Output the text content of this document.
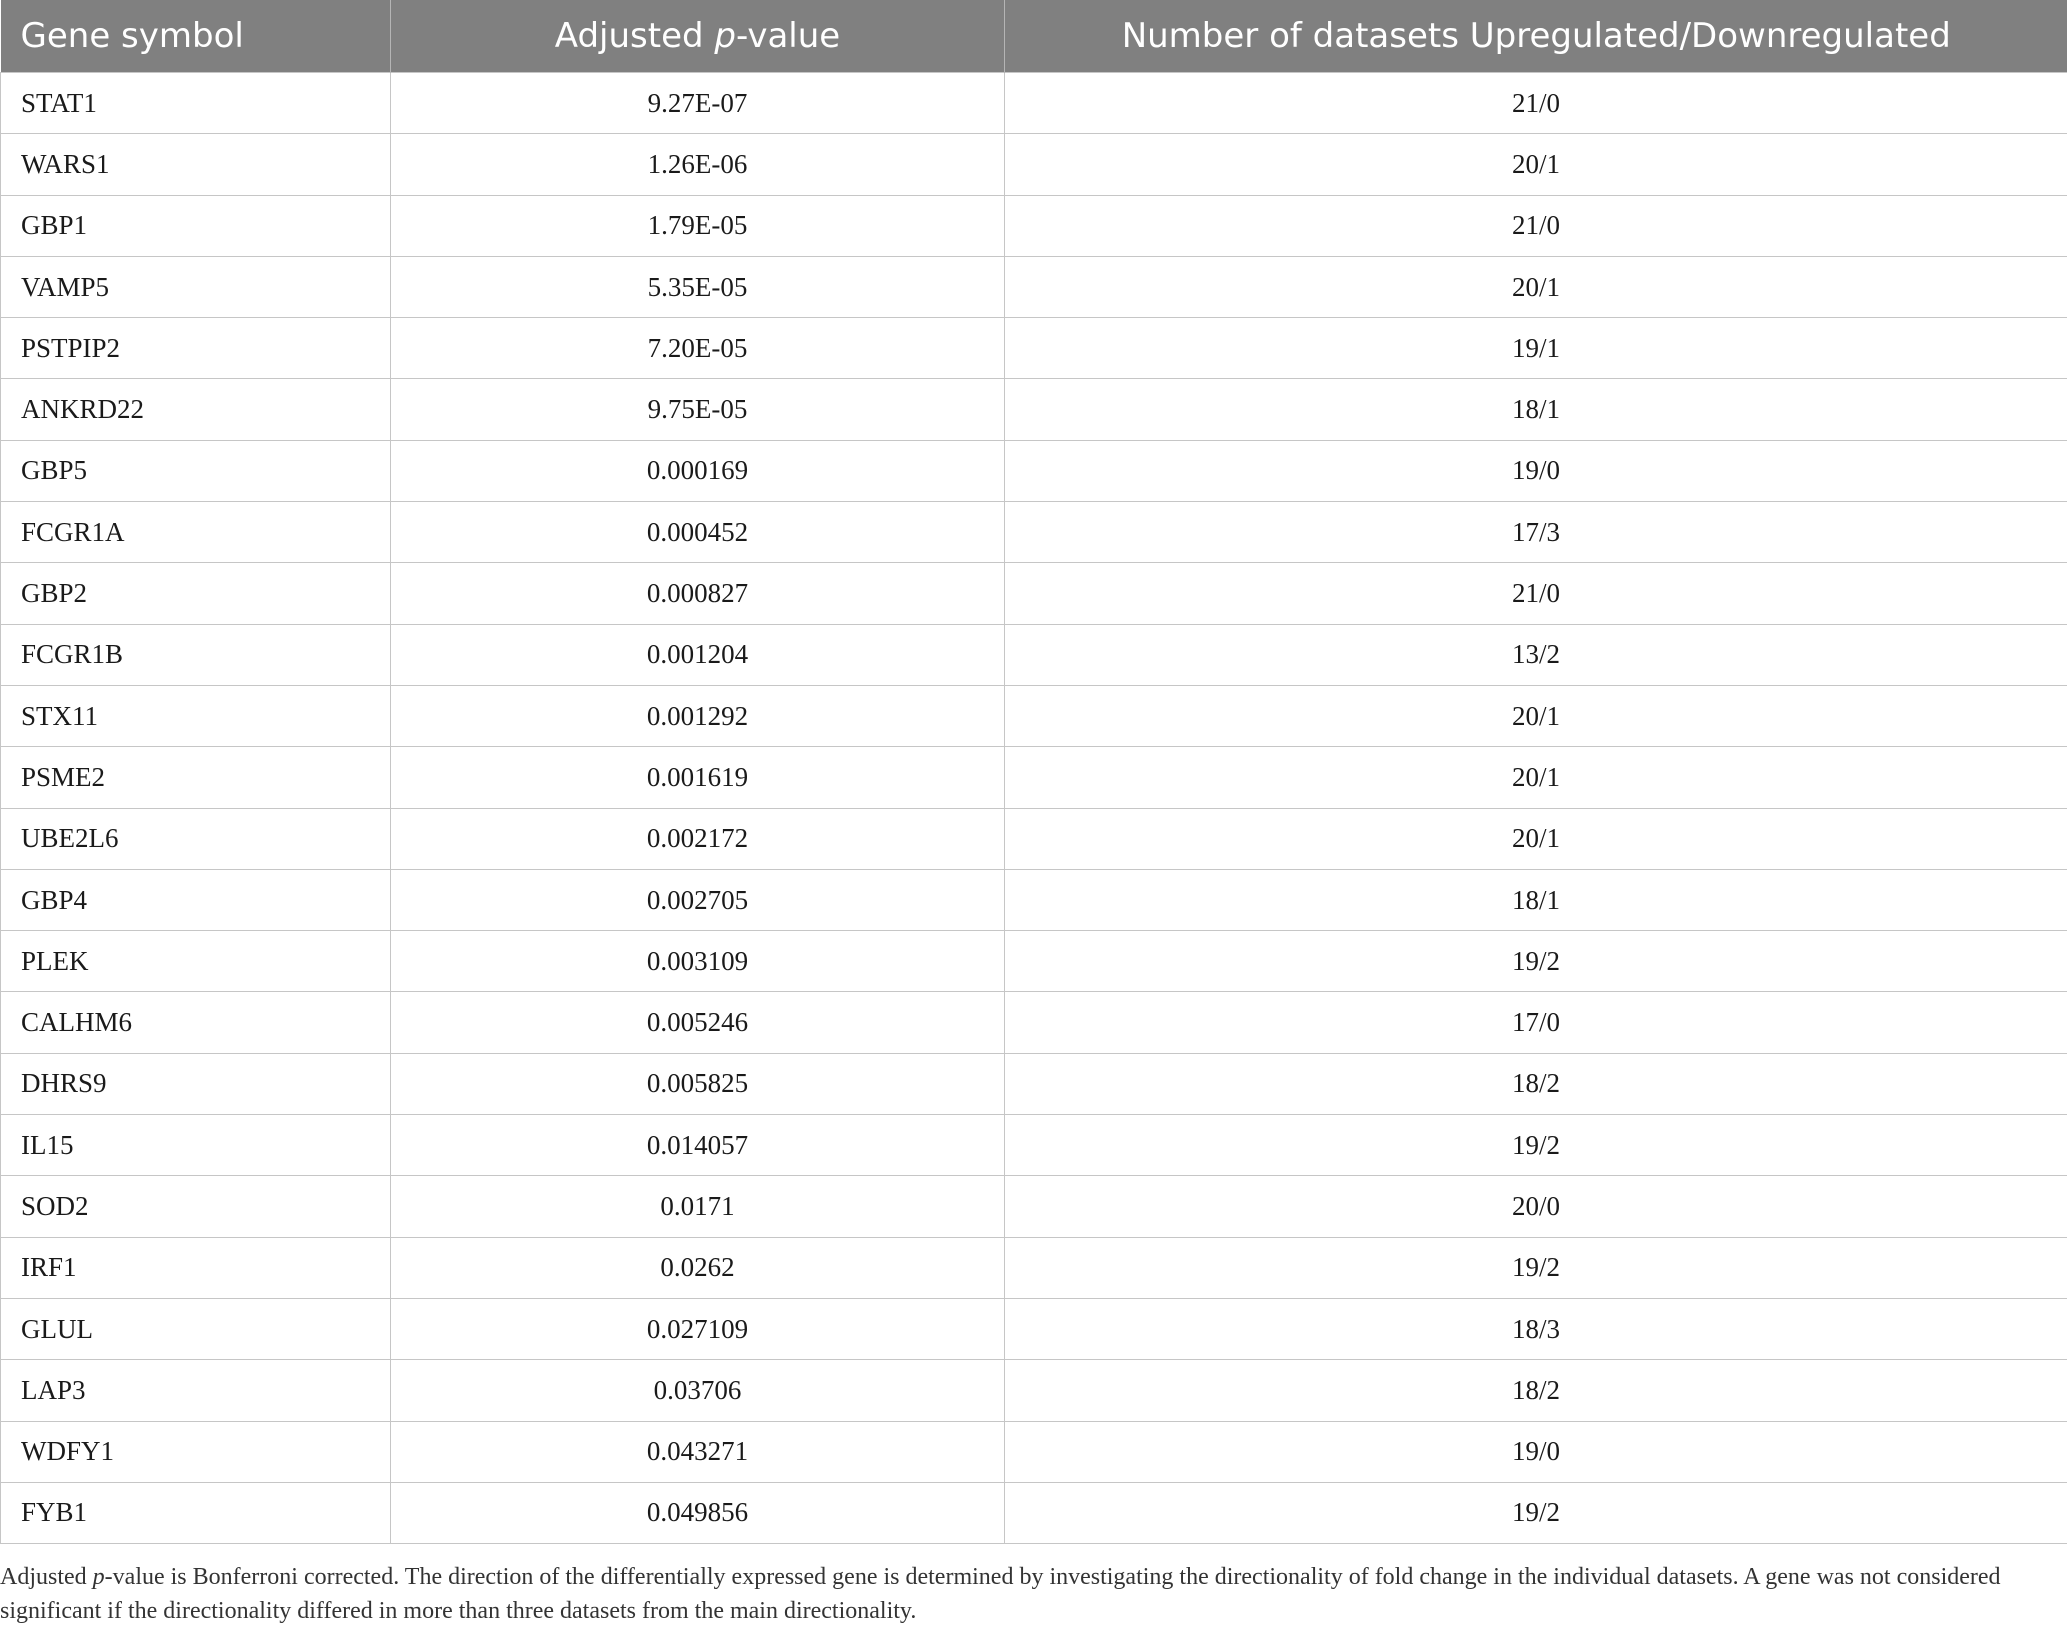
Gene symbol	Adjusted p-value	Number of datasets Upregulated/Downregulated
STAT1	9.27E-07	21/0
WARS1	1.26E-06	20/1
GBP1	1.79E-05	21/0
VAMP5	5.35E-05	20/1
PSTPIP2	7.20E-05	19/1
ANKRD22	9.75E-05	18/1
GBP5	0.000169	19/0
FCGR1A	0.000452	17/3
GBP2	0.000827	21/0
FCGR1B	0.001204	13/2
STX11	0.001292	20/1
PSME2	0.001619	20/1
UBE2L6	0.002172	20/1
GBP4	0.002705	18/1
PLEK	0.003109	19/2
CALHM6	0.005246	17/0
DHRS9	0.005825	18/2
IL15	0.014057	19/2
SOD2	0.0171	20/0
IRF1	0.0262	19/2
GLUL	0.027109	18/3
LAP3	0.03706	18/2
WDFY1	0.043271	19/0
FYB1	0.049856	19/2
Adjusted p-value is Bonferroni corrected. The direction of the differentially expressed gene is determined by investigating the directionality of fold change in the individual datasets. A gene was not considered significant if the directionality differed in more than three datasets from the main directionality.
